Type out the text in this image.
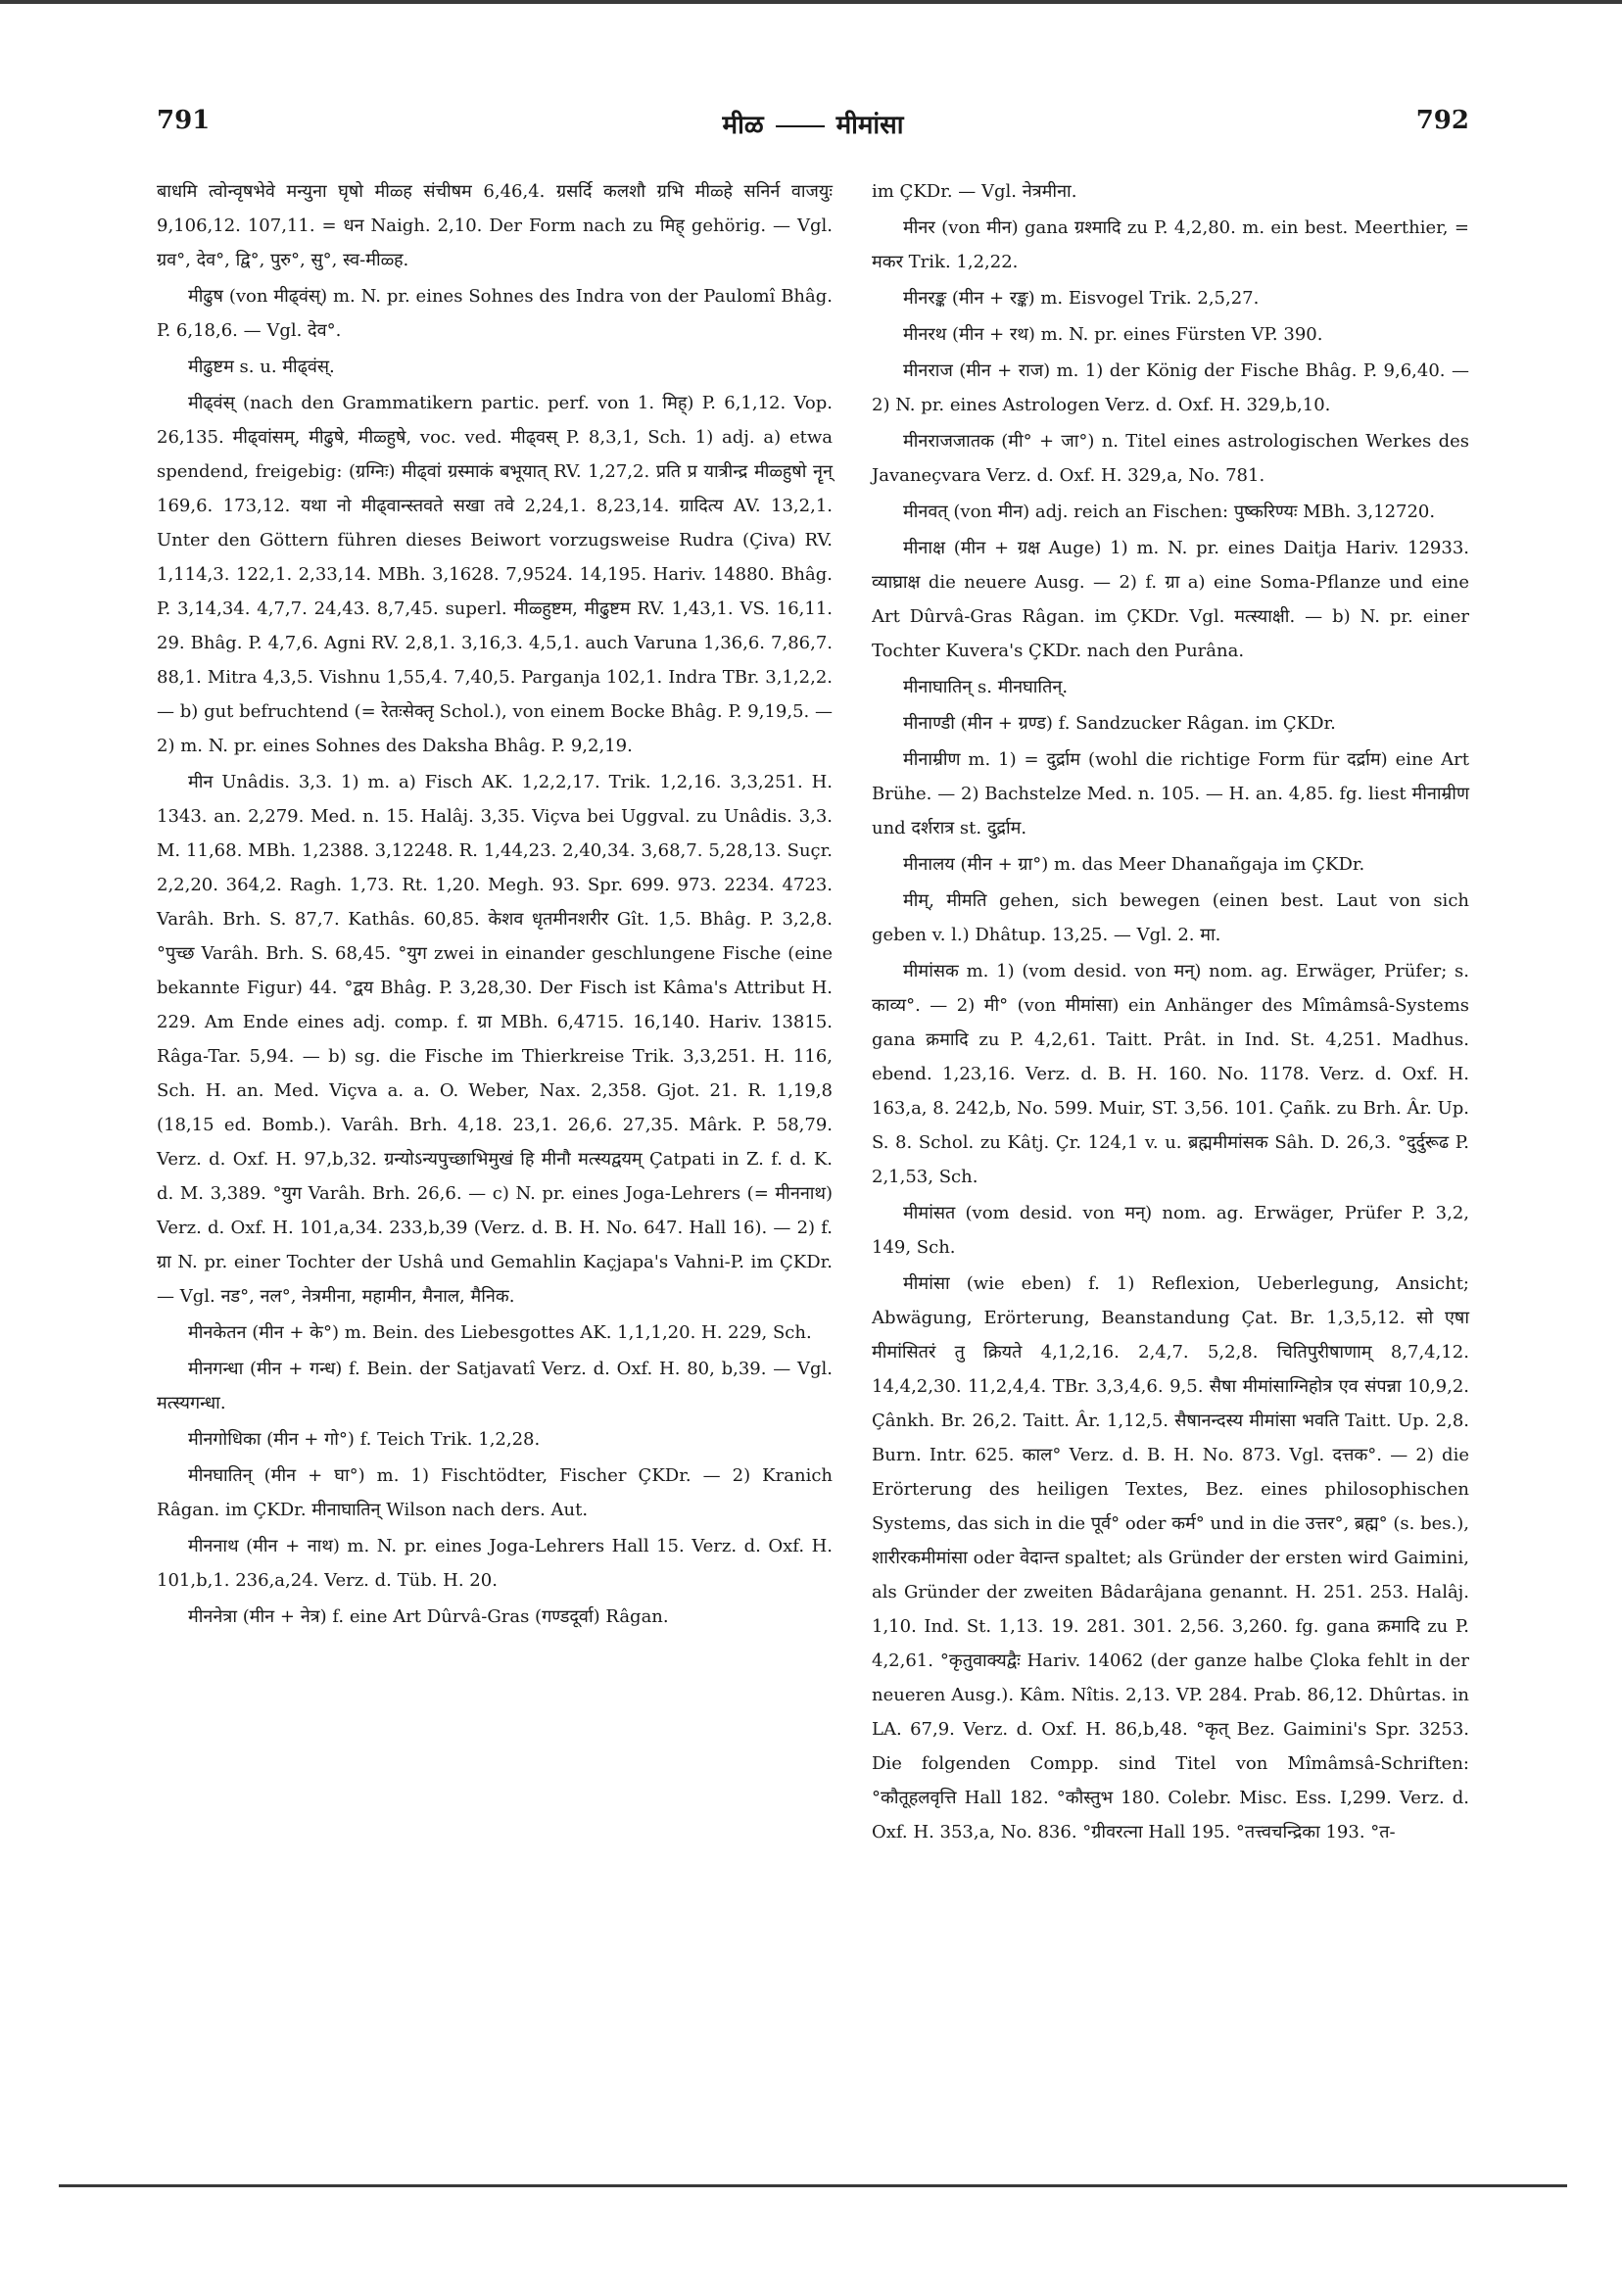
791	मीळ	मीमांसा	792

बाधमि त्वोन्वृषभेवे मन्युना घृषो मीळ्ह संचीषम 6,46,4. ग्रसर्दि कलशौ ग्रभि मीळ्हे सनिर्न वाजयुः 9,106,12. 107,11. = धन Naigh. 2,10. Der Form nach zu मिह् gehörig. — Vgl. ग्रव°, देव°, द्वि°, पुरु°, सु°, स्व-मीळ्ह.

मीढुष (von मीढ्वंस्) m. N. pr. eines Sohnes des Indra von der Paulomî Bhâg. P. 6,18,6. — Vgl. देव°.

मीढुष्टम s. u. मीढ्वंस्.

मीढ्वंस् (nach den Grammatikern partic. perf. von 1. मिह्) P. 6,1,12. Vop. 26,135. मीढ्वांसम्, मीढुषे, मीळ्हुषे, voc. ved. मीढ्वस् P. 8,3,1, Sch. 1) adj. a) etwa spendend, freigebig: (ग्रग्निः) मीढ्वां ग्रस्माकं बभूयात् RV. 1,27,2. प्रति प्र यात्रीन्द्र मीळ्हुषो नॄन् 169,6. 173,12. यथा नो मीढ्वान्स्तवते सखा तवे 2,24,1. 8,23,14. ग्रादित्य AV. 13,2,1. Unter den Göttern führen dieses Beiwort vorzugsweise Rudra (Çiva) RV. 1,114,3. 122,1. 2,33,14. MBh. 3,1628. 7,9524. 14,195. Hariv. 14880. Bhâg. P. 3,14,34. 4,7,7. 24,43. 8,7,45. superl. मीळ्हुष्टम, मीढुष्टम RV. 1,43,1. VS. 16,11. 29. Bhâg. P. 4,7,6. Agni RV. 2,8,1. 3,16,3. 4,5,1. auch Varuna 1,36,6. 7,86,7. 88,1. Mitra 4,3,5. Vishnu 1,55,4. 7,40,5. Parganja 102,1. Indra TBr. 3,1,2,2. — b) gut befruchtend (= रेतःसेक्तृ Schol.), von einem Bocke Bhâg. P. 9,19,5. — 2) m. N. pr. eines Sohnes des Daksha Bhâg. P. 9,2,19.

मीन Unâdis. 3,3. 1) m. a) Fisch AK. 1,2,2,17. Trik. 1,2,16. 3,3,251. H. 1343. an. 2,279. Med. n. 15. Halâj. 3,35. Viçva bei Uggval. zu Unâdis. 3,3. M. 11,68. MBh. 1,2388. 3,12248. R. 1,44,23. 2,40,34. 3,68,7. 5,28,13. Suçr. 2,2,20. 364,2. Ragh. 1,73. Rt. 1,20. Megh. 93. Spr. 699. 973. 2234. 4723. Varâh. Brh. S. 87,7. Kathâs. 60,85. केशव धृतमीनशरीर Gît. 1,5. Bhâg. P. 3,2,8. °पुच्छ Varâh. Brh. S. 68,45. °युग zwei in einander geschlungene Fische (eine bekannte Figur) 44. °द्वय Bhâg. P. 3,28,30. Der Fisch ist Kâma's Attribut H. 229. Am Ende eines adj. comp. f. ग्रा MBh. 6,4715. 16,140. Hariv. 13815. Râga-Tar. 5,94. — b) sg. die Fische im Thierkreise Trik. 3,3,251. H. 116, Sch. H. an. Med. Viçva a. a. O. Weber, Nax. 2,358. Gjot. 21. R. 1,19,8 (18,15 ed. Bomb.). Varâh. Brh. 4,18. 23,1. 26,6. 27,35. Mârk. P. 58,79. Verz. d. Oxf. H. 97,b,32. ग्रन्योऽन्यपुच्छाभिमुखं हि मीनौ मत्स्यद्वयम् Çatpati in Z. f. d. K. d. M. 3,389. °युग Varâh. Brh. 26,6. — c) N. pr. eines Joga-Lehrers (= मीननाथ) Verz. d. Oxf. H. 101,a,34. 233,b,39 (Verz. d. B. H. No. 647. Hall 16). — 2) f. ग्रा N. pr. einer Tochter der Ushâ und Gemahlin Kaçjapa's Vahni-P. im ÇKDr. — Vgl. नड°, नल°, नेत्रमीना, महामीन, मैनाल, मैनिक.

मीनकेतन (मीन + के°) m. Bein. des Liebesgottes AK. 1,1,1,20. H. 229, Sch.

मीनगन्धा (मीन + गन्ध) f. Bein. der Satjavatî Verz. d. Oxf. H. 80, b,39. — Vgl. मत्स्यगन्धा.

मीनगोधिका (मीन + गो°) f. Teich Trik. 1,2,28.

मीनघातिन् (मीन + घा°) m. 1) Fischtödter, Fischer ÇKDr. — 2) Kranich Râgan. im ÇKDr. मीनाघातिन् Wilson nach ders. Aut.

मीननाथ (मीन + नाथ) m. N. pr. eines Joga-Lehrers Hall 15. Verz. d. Oxf. H. 101,b,1. 236,a,24. Verz. d. Tüb. H. 20.

मीननेत्रा (मीन + नेत्र) f. eine Art Dûrvâ-Gras (गण्डदूर्वा) Râgan.

im ÇKDr. — Vgl. नेत्रमीना.

मीनर (von मीन) gana ग्रश्मादि zu P. 4,2,80. m. ein best. Meerthier, = मकर Trik. 1,2,22.

मीनरङ्क (मीन + रङ्क) m. Eisvogel Trik. 2,5,27.

मीनरथ (मीन + रथ) m. N. pr. eines Fürsten VP. 390.

मीनराज (मीन + राज) m. 1) der König der Fische Bhâg. P. 9,6,40. — 2) N. pr. eines Astrologen Verz. d. Oxf. H. 329,b,10.

मीनराजजातक (मी° + जा°) n. Titel eines astrologischen Werkes des Javaneçvara Verz. d. Oxf. H. 329,a, No. 781.

मीनवत् (von मीन) adj. reich an Fischen: पुष्करिण्यः MBh. 3,12720.

मीनाक्ष (मीन + ग्रक्ष Auge) 1) m. N. pr. eines Daitja Hariv. 12933. व्याघ्राक्ष die neuere Ausg. — 2) f. ग्रा a) eine Soma-Pflanze und eine Art Dûrvâ-Gras Râgan. im ÇKDr. Vgl. मत्स्याक्षी. — b) N. pr. einer Tochter Kuvera's ÇKDr. nach den Purâna.

मीनाघातिन् s. मीनघातिन्.

मीनाण्डी (मीन + ग्रण्ड) f. Sandzucker Râgan. im ÇKDr.

मीनाम्रीण m. 1) = दुर्द्राम (wohl die richtige Form für दर्द्राम) eine Art Brühe. — 2) Bachstelze Med. n. 105. — H. an. 4,85. fg. liest मीनाम्रीण und दर्शरात्र st. दुर्द्राम.

मीनालय (मीन + ग्रा°) m. das Meer Dhanañgaja im ÇKDr.

मीम्, मीमति gehen, sich bewegen (einen best. Laut von sich geben v. l.) Dhâtup. 13,25. — Vgl. 2. मा.

मीमांसक m. 1) (vom desid. von मन्) nom. ag. Erwäger, Prüfer; s. काव्य°. — 2) मी° (von मीमांसा) ein Anhänger des Mîmâmsâ-Systems gana क्रमादि zu P. 4,2,61. Taitt. Prât. in Ind. St. 4,251. Madhus. ebend. 1,23,16. Verz. d. B. H. 160. No. 1178. Verz. d. Oxf. H. 163,a, 8. 242,b, No. 599. Muir, ST. 3,56. 101. Çañk. zu Brh. Âr. Up. S. 8. Schol. zu Kâtj. Çr. 124,1 v. u. ब्रह्ममीमांसक Sâh. D. 26,3. °दुर्दुरूढ P. 2,1,53, Sch.

मीमांसत (vom desid. von मन्) nom. ag. Erwäger, Prüfer P. 3,2, 149, Sch.

मीमांसा (wie eben) f. 1) Reflexion, Ueberlegung, Ansicht; Abwägung, Erörterung, Beanstandung Çat. Br. 1,3,5,12. सो एषा मीमांसितरं तु क्रियते 4,1,2,16. 2,4,7. 5,2,8. चितिपुरीषाणाम् 8,7,4,12. 14,4,2,30. 11,2,4,4. TBr. 3,3,4,6. 9,5. सैषा मीमांसाग्निहोत्र एव संपन्ना 10,9,2. Çânkh. Br. 26,2. Taitt. Âr. 1,12,5. सैषानन्दस्य मीमांसा भवति Taitt. Up. 2,8. Burn. Intr. 625. काल° Verz. d. B. H. No. 873. Vgl. दत्तक°. — 2) die Erörterung des heiligen Textes, Bez. eines philosophischen Systems, das sich in die पूर्व° oder कर्म° und in die उत्तर°, ब्रह्म° (s. bes.), शारीरकमीमांसा oder वेदान्त spaltet; als Gründer der ersten wird Gaimini, als Gründer der zweiten Bâdarâjana genannt. H. 251. 253. Halâj. 1,10. Ind. St. 1,13. 19. 281. 301. 2,56. 3,260. fg. gana क्रमादि zu P. 4,2,61. °कृतुवाक्यद्वैः Hariv. 14062 (der ganze halbe Çloka fehlt in der neueren Ausg.). Kâm. Nîtis. 2,13. VP. 284. Prab. 86,12. Dhûrtas. in LA. 67,9. Verz. d. Oxf. H. 86,b,48. °कृत् Bez. Gaimini's Spr. 3253. Die folgenden Compp. sind Titel von Mîmâmsâ-Schriften: °कौतूहलवृत्ति Hall 182. °कौस्तुभ 180. Colebr. Misc. Ess. I,299. Verz. d. Oxf. H. 353,a, No. 836. °ग्रीवरत्ना Hall 195. °तत्त्वचन्द्रिका 193. °त-
